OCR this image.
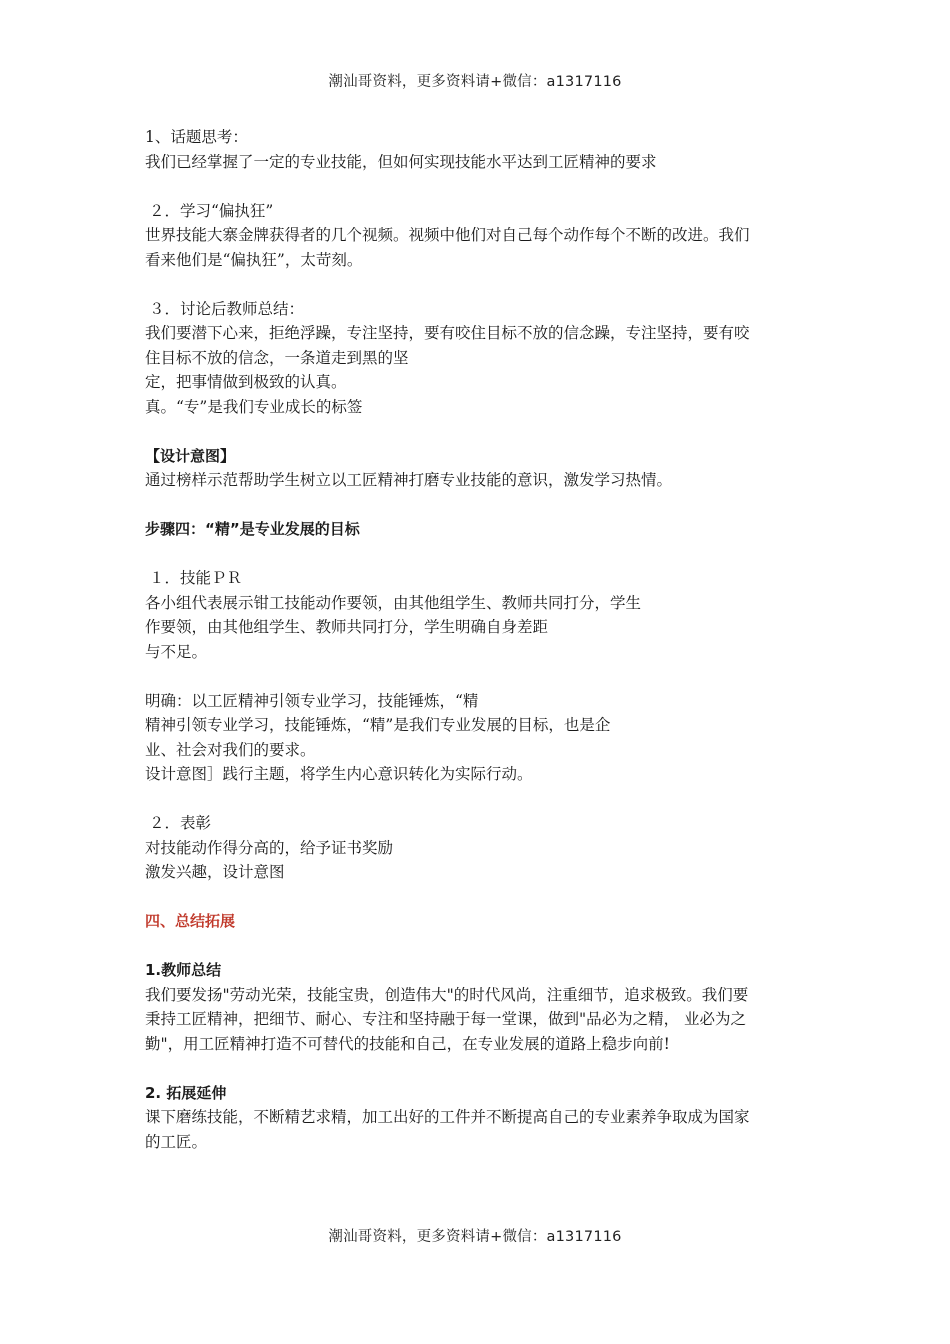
潮汕哥资料，更多资料请+微信：a1317116
1、话题思考：
我们已经掌握了一定的专业技能，但如何实现技能水平达到工匠精神的要求
２．学习“偏执狂”
世界技能大寨金牌获得者的几个视频。视频中他们对自己每个动作每个不断的改进。我们
看来他们是“偏执狂”，太苛刻。
３．讨论后教师总结：
我们要潜下心来，拒绝浮躁，专注坚持，要有咬住目标不放的信念躁，专注坚持，要有咬
住目标不放的信念，一条道走到黑的坚
定，把事情做到极致的认真。
真。“专”是我们专业成长的标签
【设计意图】
通过榜样示范帮助学生树立以工匠精神打磨专业技能的意识，激发学习热情。
步骤四：“精”是专业发展的目标
１．技能ＰＲ
各小组代表展示钳工技能动作要领，由其他组学生、教师共同打分，学生
作要领，由其他组学生、教师共同打分，学生明确自身差距
与不足。
明确：以工匠精神引领专业学习，技能锤炼，“精
精神引领专业学习，技能锤炼，“精”是我们专业发展的目标，也是企
业、社会对我们的要求。
设计意图］践行主题，将学生内心意识转化为实际行动。
２．表彰
对技能动作得分高的，给予证书奖励
激发兴趣，设计意图
四、总结拓展
1.教师总结
我们要发扬"劳动光荣，技能宝贵，创造伟大"的时代风尚，注重细节，追求极致。我们要
秉持工匠精神，把细节、耐心、专注和坚持融于每一堂课，做到"品必为之精， 业必为之
勤"，用工匠精神打造不可替代的技能和自己，在专业发展的道路上稳步向前!
2. 拓展延伸
课下磨练技能，不断精艺求精，加工出好的工件并不断提高自己的专业素养争取成为国家
的工匠。
潮汕哥资料，更多资料请+微信：a1317116
